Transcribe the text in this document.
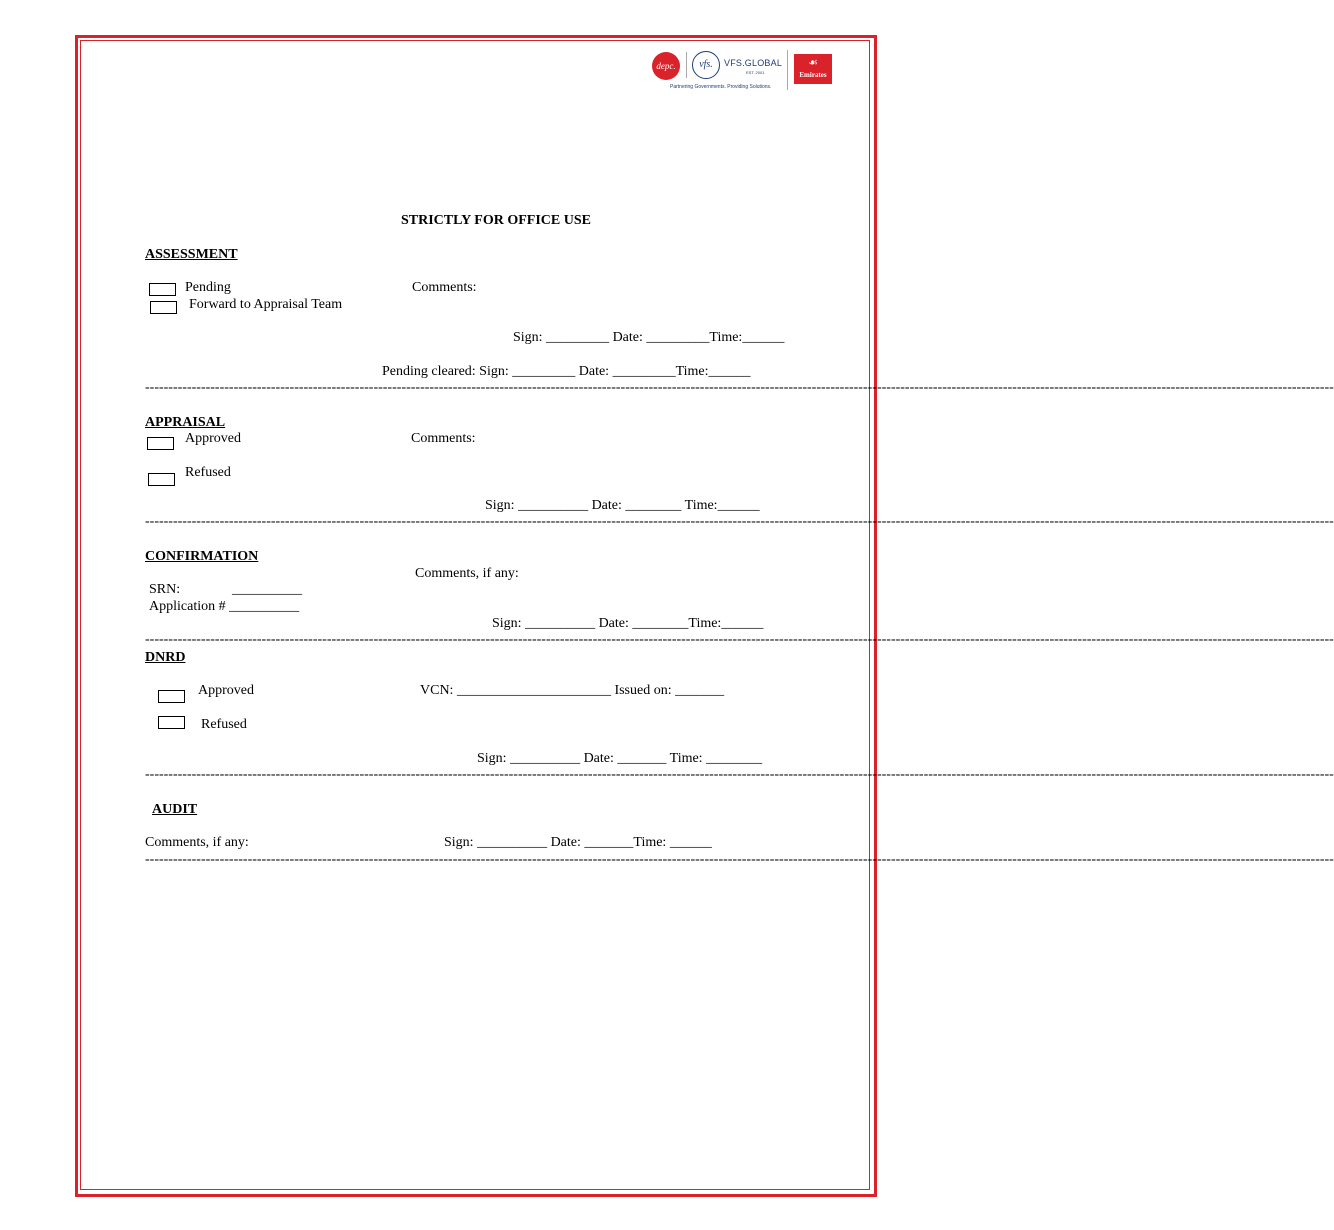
depc.	vfs.	VFS.GLOBAL
EST. 2001
Partnering Governments. Providing Solutions.
☙
Emirates
STRICTLY FOR OFFICE USE
ASSESSMENT
Pending
Forward to Appraisal Team
Comments:
Sign: _________ Date: _________Time:______
Pending cleared: Sign: _________ Date: _________Time:______
---------------------------------------------------------------------------------------------------------------------------------------------------------------------------------------------------------------------------------------------------------------
APPRAISAL
Approved	Comments:
Refused
Sign: __________ Date: ________ Time:______
---------------------------------------------------------------------------------------------------------------------------------------------------------------------------------------------------------------------------------------------------------------
CONFIRMATION
Comments, if any:
SRN:	__________
Application # __________
Sign: __________ Date: ________Time:______
---------------------------------------------------------------------------------------------------------------------------------------------------------------------------------------------------------------------------------------------------------------
DNRD
Approved	VCN: ______________________ Issued on: _______
Refused
Sign: __________ Date: _______ Time: ________
---------------------------------------------------------------------------------------------------------------------------------------------------------------------------------------------------------------------------------------------------------------
AUDIT
Comments, if any:	Sign: __________ Date: _______Time: ______
---------------------------------------------------------------------------------------------------------------------------------------------------------------------------------------------------------------------------------------------------------------
